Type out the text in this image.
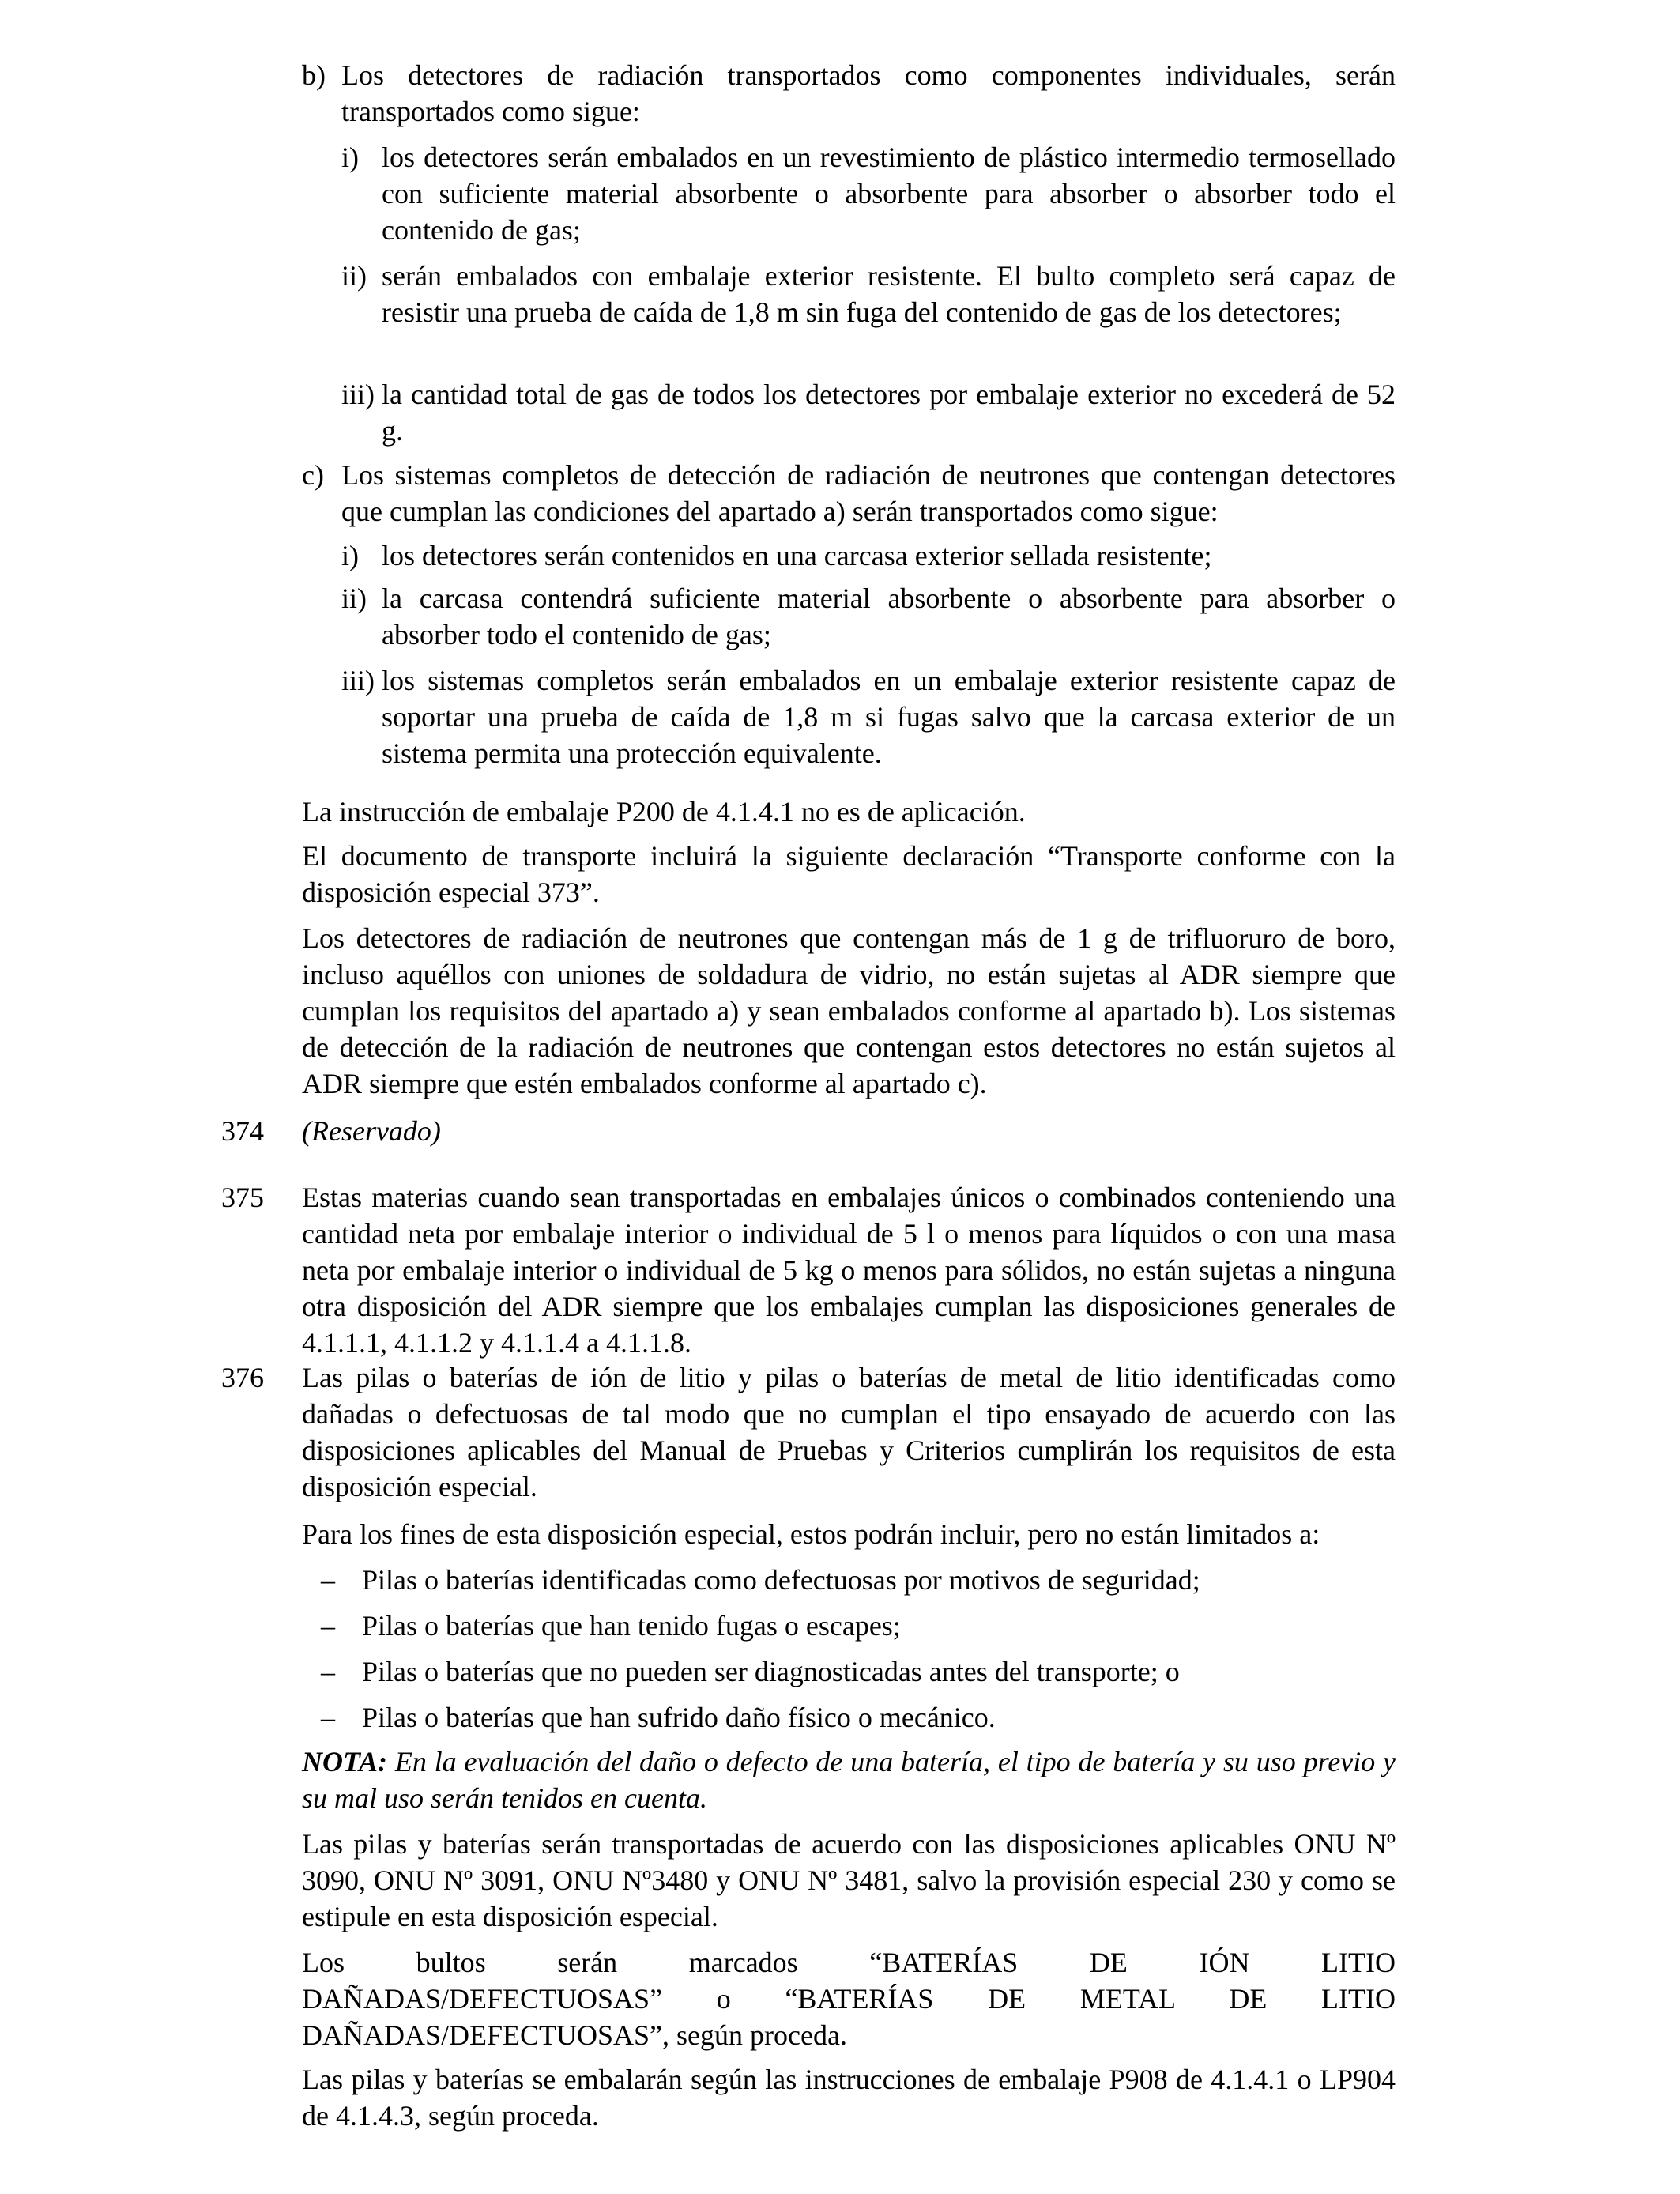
b) Los detectores de radiación transportados como componentes individuales, serán transportados como sigue:
i) los detectores serán embalados en un revestimiento de plástico intermedio termosellado con suficiente material absorbente o absorbente para absorber o absorber todo el contenido de gas;
ii) serán embalados con embalaje exterior resistente. El bulto completo será capaz de resistir una prueba de caída de 1,8 m sin fuga del contenido de gas de los detectores;
iii) la cantidad total de gas de todos los detectores por embalaje exterior no excederá de 52 g.
c) Los sistemas completos de detección de radiación de neutrones que contengan detectores que cumplan las condiciones del apartado a) serán transportados como sigue:
i) los detectores serán contenidos en una carcasa exterior sellada resistente;
ii) la carcasa contendrá suficiente material absorbente o absorbente para absorber o absorber todo el contenido de gas;
iii) los sistemas completos serán embalados en un embalaje exterior resistente capaz de soportar una prueba de caída de 1,8 m si fugas salvo que la carcasa exterior de un sistema permita una protección equivalente.
La instrucción de embalaje P200 de 4.1.4.1 no es de aplicación.
El documento de transporte incluirá la siguiente declaración “Transporte conforme con la disposición especial 373”.
Los detectores de radiación de neutrones que contengan más de 1 g de trifluoruro de boro, incluso aquéllos con uniones de soldadura de vidrio, no están sujetas al ADR siempre que cumplan los requisitos del apartado a) y sean embalados conforme al apartado b). Los sistemas de detección de la radiación de neutrones que contengan estos detectores no están sujetos al ADR siempre que estén embalados conforme al apartado c).
374 (Reservado)
375 Estas materias cuando sean transportadas en embalajes únicos o combinados conteniendo una cantidad neta por embalaje interior o individual de 5 l o menos para líquidos o con una masa neta por embalaje interior o individual de 5 kg o menos para sólidos, no están sujetas a ninguna otra disposición del ADR siempre que los embalajes cumplan las disposiciones generales de 4.1.1.1, 4.1.1.2 y 4.1.1.4 a 4.1.1.8.
376 Las pilas o baterías de ión de litio y pilas o baterías de metal de litio identificadas como dañadas o defectuosas de tal modo que no cumplan el tipo ensayado de acuerdo con las disposiciones aplicables del Manual de Pruebas y Criterios cumplirán los requisitos de esta disposición especial.
Para los fines de esta disposición especial, estos podrán incluir, pero no están limitados a:
– Pilas o baterías identificadas como defectuosas por motivos de seguridad;
– Pilas o baterías que han tenido fugas o escapes;
– Pilas o baterías que no pueden ser diagnosticadas antes del transporte; o
– Pilas o baterías que han sufrido daño físico o mecánico.
NOTA: En la evaluación del daño o defecto de una batería, el tipo de batería y su uso previo y su mal uso serán tenidos en cuenta.
Las pilas y baterías serán transportadas de acuerdo con las disposiciones aplicables ONU Nº 3090, ONU Nº 3091, ONU Nº3480 y ONU Nº 3481, salvo la provisión especial 230 y como se estipule en esta disposición especial.
Los bultos serán marcados “BATERÍAS DE IÓN LITIO
DAÑADAS/DEFECTUOSAS” o “BATERÍAS DE METAL DE LITIO
DAÑADAS/DEFECTUOSAS”, según proceda.
Las pilas y baterías se embalarán según las instrucciones de embalaje P908 de 4.1.4.1 o LP904 de 4.1.4.3, según proceda.
